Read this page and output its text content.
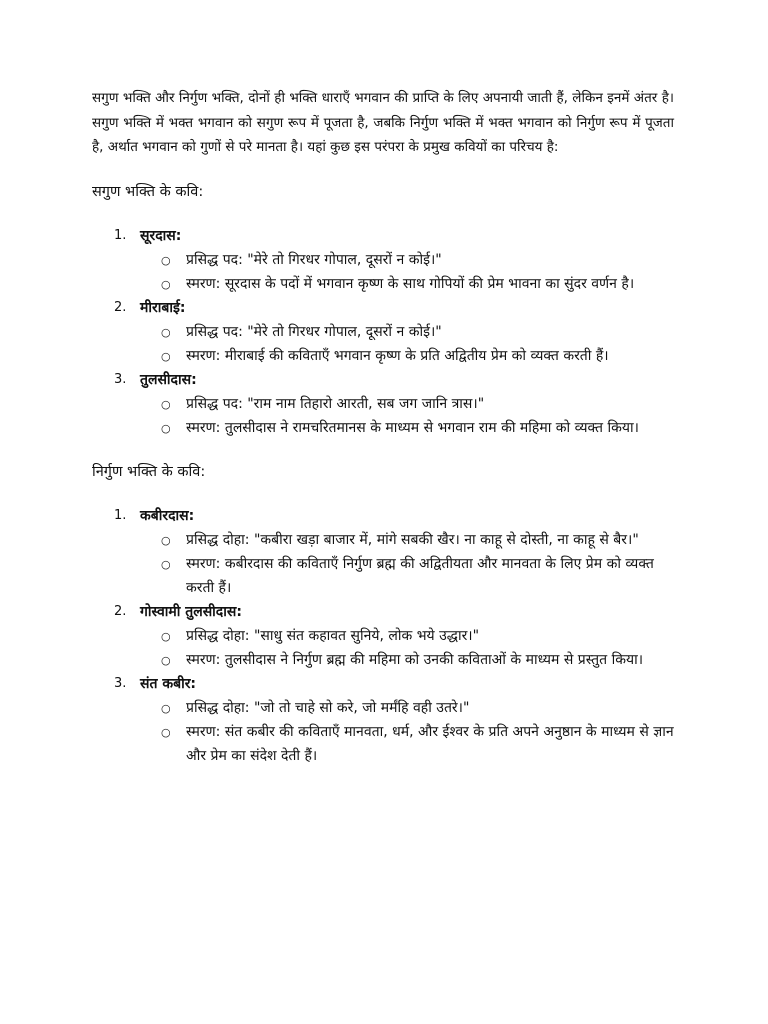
सगुण भक्ति और निर्गुण भक्ति, दोनों ही भक्ति धाराएँ भगवान की प्राप्ति के लिए अपनायी जाती हैं, लेकिन इनमें अंतर है। सगुण भक्ति में भक्त भगवान को सगुण रूप में पूजता है, जबकि निर्गुण भक्ति में भक्त भगवान को निर्गुण रूप में पूजता है, अर्थात भगवान को गुणों से परे मानता है। यहां कुछ इस परंपरा के प्रमुख कवियों का परिचय है:

सगुण भक्ति के कवि:
1. सूरदास:
○ प्रसिद्ध पद: "मेरे तो गिरधर गोपाल, दूसरों न कोई।"
○ स्मरण: सूरदास के पदों में भगवान कृष्ण के साथ गोपियों की प्रेम भावना का सुंदर वर्णन है।
2. मीराबाई:
○ प्रसिद्ध पद: "मेरे तो गिरधर गोपाल, दूसरों न कोई।"
○ स्मरण: मीराबाई की कविताएँ भगवान कृष्ण के प्रति अद्वितीय प्रेम को व्यक्त करती हैं।
3. तुलसीदास:
○ प्रसिद्ध पद: "राम नाम तिहारो आरती, सब जग जानि त्रास।"
○ स्मरण: तुलसीदास ने रामचरितमानस के माध्यम से भगवान राम की महिमा को व्यक्त किया।
निर्गुण भक्ति के कवि:
1. कबीरदास:
○ प्रसिद्ध दोहा: "कबीरा खड़ा बाजार में, मांगे सबकी खैर। ना काहू से दोस्ती, ना काहू से बैर।"
○ स्मरण: कबीरदास की कविताएँ निर्गुण ब्रह्म की अद्वितीयता और मानवता के लिए प्रेम को व्यक्त करती हैं।
2. गोस्वामी तुलसीदास:
○ प्रसिद्ध दोहा: "साधु संत कहावत सुनिये, लोक भये उद्धार।"
○ स्मरण: तुलसीदास ने निर्गुण ब्रह्म की महिमा को उनकी कविताओं के माध्यम से प्रस्तुत किया।
3. संत कबीर:
○ प्रसिद्ध दोहा: "जो तो चाहे सो करे, जो मर्मंहि वही उतरे।"
○ स्मरण: संत कबीर की कविताएँ मानवता, धर्म, और ईश्वर के प्रति अपने अनुष्ठान के माध्यम से ज्ञान और प्रेम का संदेश देती हैं।
